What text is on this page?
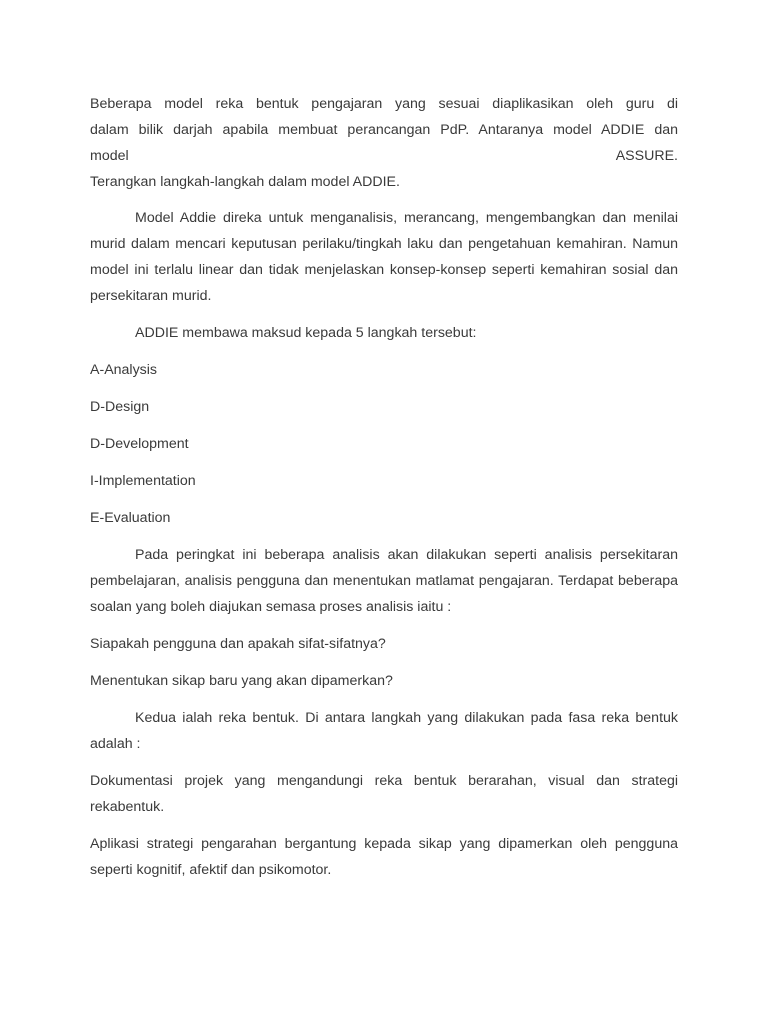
Beberapa model reka bentuk pengajaran yang sesuai diaplikasikan oleh guru di

dalam bilik darjah apabila membuat perancangan PdP. Antaranya model ADDIE dan

model ASSURE.

Terangkan langkah-langkah dalam model ADDIE.

Model Addie direka untuk menganalisis, merancang, mengembangkan dan menilai murid dalam mencari keputusan perilaku/tingkah laku dan pengetahuan kemahiran. Namun model ini terlalu linear dan tidak menjelaskan konsep-konsep seperti kemahiran sosial dan persekitaran murid.

ADDIE membawa maksud kepada 5 langkah tersebut:

A-Analysis

D-Design

D-Development

I-Implementation

E-Evaluation

Pada peringkat ini beberapa analisis akan dilakukan seperti analisis persekitaran pembelajaran, analisis pengguna dan menentukan matlamat pengajaran. Terdapat beberapa soalan yang boleh diajukan semasa proses analisis iaitu :

Siapakah pengguna dan apakah sifat-sifatnya?

Menentukan sikap baru yang akan dipamerkan?

Kedua ialah reka bentuk. Di antara langkah yang dilakukan pada fasa reka bentuk adalah :

Dokumentasi projek yang mengandungi reka bentuk berarahan, visual dan strategi rekabentuk.

Aplikasi strategi pengarahan bergantung kepada sikap yang dipamerkan oleh pengguna seperti kognitif, afektif dan psikomotor.
